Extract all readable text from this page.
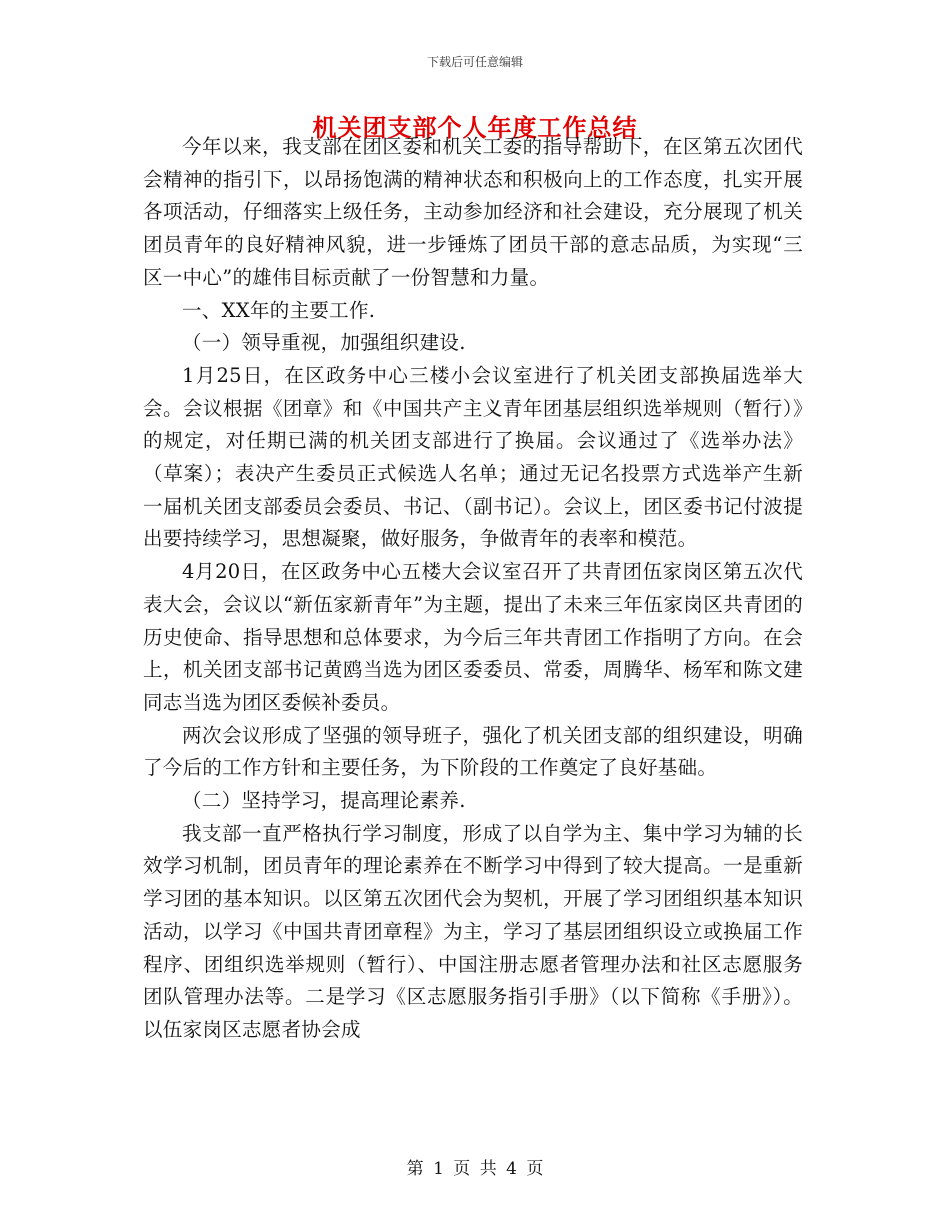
下载后可任意编辑
机关团支部个人年度工作总结

今年以来，我支部在团区委和机关工委的指导帮助下，在区第五次团代会精神的指引下，以昂扬饱满的精神状态和积极向上的工作态度，扎实开展各项活动，仔细落实上级任务，主动参加经济和社会建设，充分展现了机关团员青年的良好精神风貌，进一步锤炼了团员干部的意志品质，为实现“三区一中心”的雄伟目标贡献了一份智慧和力量。

一、XX年的主要工作.

（一）领导重视，加强组织建设.

1月25日，在区政务中心三楼小会议室进行了机关团支部换届选举大会。会议根据《团章》和《中国共产主义青年团基层组织选举规则（暂行）》的规定，对任期已满的机关团支部进行了换届。会议通过了《选举办法》（草案）；表决产生委员正式候选人名单；通过无记名投票方式选举产生新一届机关团支部委员会委员、书记、（副书记）。会议上，团区委书记付波提出要持续学习，思想凝聚，做好服务，争做青年的表率和模范。

4月20日，在区政务中心五楼大会议室召开了共青团伍家岗区第五次代表大会，会议以“新伍家新青年”为主题，提出了未来三年伍家岗区共青团的历史使命、指导思想和总体要求，为今后三年共青团工作指明了方向。在会上，机关团支部书记黄鸥当选为团区委委员、常委，周腾华、杨军和陈文建同志当选为团区委候补委员。

两次会议形成了坚强的领导班子，强化了机关团支部的组织建设，明确了今后的工作方针和主要任务，为下阶段的工作奠定了良好基础。

（二）坚持学习，提高理论素养.

我支部一直严格执行学习制度，形成了以自学为主、集中学习为辅的长效学习机制，团员青年的理论素养在不断学习中得到了较大提高。一是重新学习团的基本知识。以区第五次团代会为契机，开展了学习团组织基本知识活动，以学习《中国共青团章程》为主，学习了基层团组织设立或换届工作程序、团组织选举规则（暂行）、中国注册志愿者管理办法和社区志愿服务团队管理办法等。二是学习《区志愿服务指引手册》（以下简称《手册》）。以伍家岗区志愿者协会成

第 1 页 共 4 页
